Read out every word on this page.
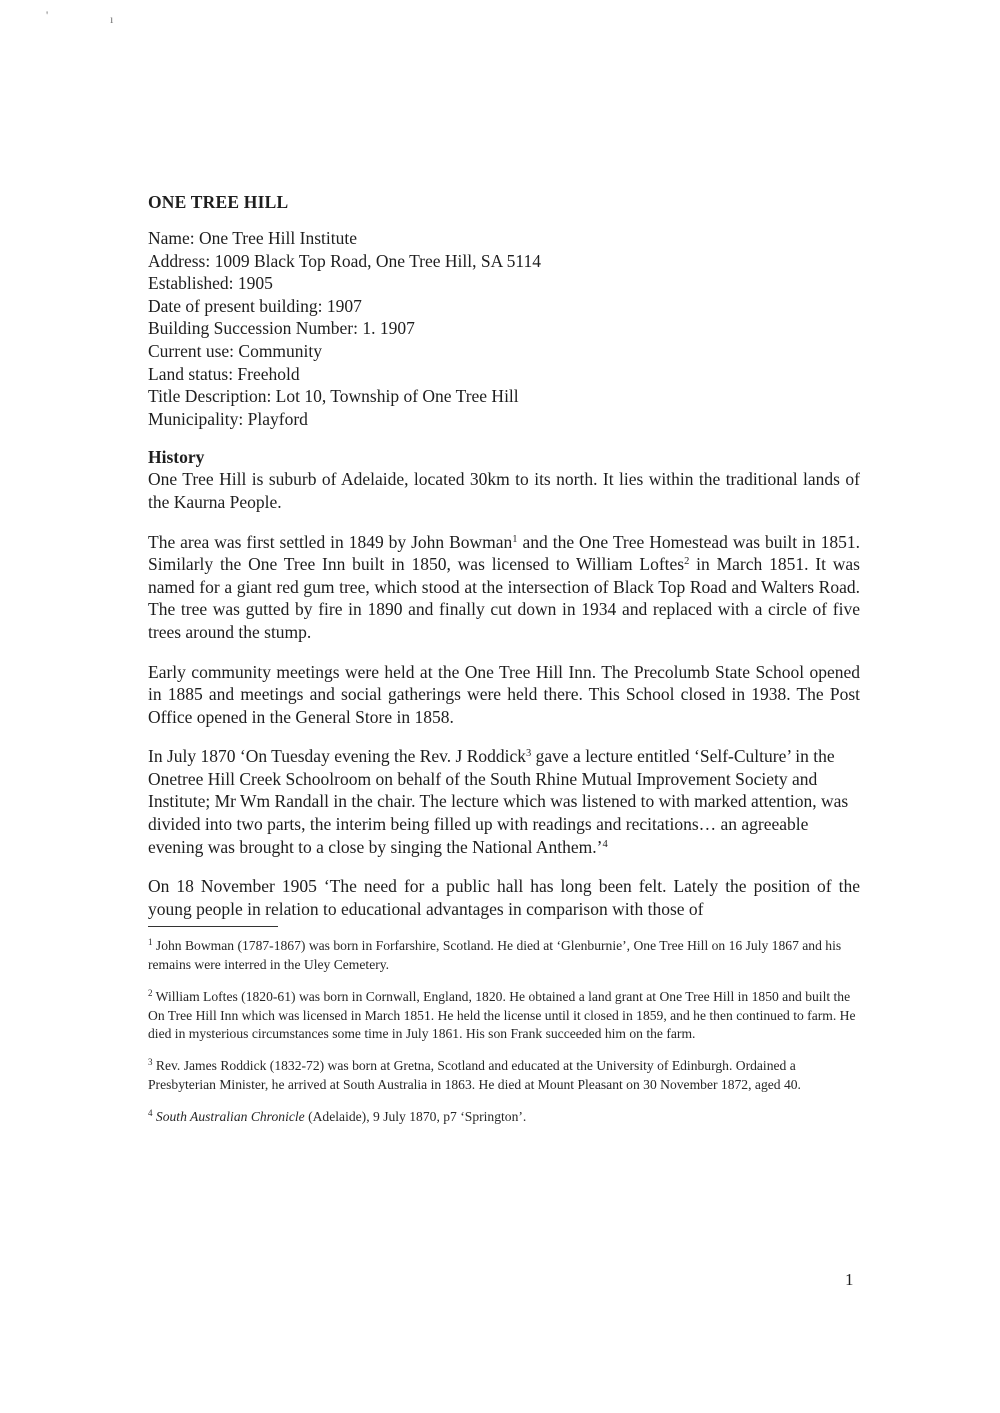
'	ı

ONE TREE HILL

Name: One Tree Hill Institute

Address: 1009 Black Top Road, One Tree Hill, SA 5114

Established: 1905

Date of present building: 1907

Building Succession Number: 1. 1907

Current use: Community

Land status: Freehold

Title Description: Lot 10, Township of One Tree Hill

Municipality: Playford

History

One Tree Hill is suburb of Adelaide, located 30km to its north. It lies within the traditional lands of the Kaurna People.

The area was first settled in 1849 by John Bowman$^1$ and the One Tree Homestead was built in 1851. Similarly the One Tree Inn built in 1850, was licensed to William Loftes$^2$ in March 1851. It was named for a giant red gum tree, which stood at the intersection of Black Top Road and Walters Road. The tree was gutted by fire in 1890 and finally cut down in 1934 and replaced with a circle of five trees around the stump.

Early community meetings were held at the One Tree Hill Inn. The Precolumb State School opened in 1885 and meetings and social gatherings were held there. This School closed in 1938. The Post Office opened in the General Store in 1858.

In July 1870 ‘On Tuesday evening the Rev. J Roddick$^3$ gave a lecture entitled ‘Self-Culture’ in the Onetree Hill Creek Schoolroom on behalf of the South Rhine Mutual Improvement Society and Institute; Mr Wm Randall in the chair. The lecture which was listened to with marked attention, was divided into two parts, the interim being filled up with readings and recitations… an agreeable evening was brought to a close by singing the National Anthem.’$^4$

On 18 November 1905 ‘The need for a public hall has long been felt. Lately the position of the young people in relation to educational advantages in comparison with those of

$^1$ John Bowman (1787-1867) was born in Forfarshire, Scotland. He died at ‘Glenburnie’, One Tree Hill on 16 July 1867 and his remains were interred in the Uley Cemetery.

$^2$ William Loftes (1820-61) was born in Cornwall, England, 1820. He obtained a land grant at One Tree Hill in 1850 and built the On Tree Hill Inn which was licensed in March 1851. He held the license until it closed in 1859, and he then continued to farm. He died in mysterious circumstances some time in July 1861. His son Frank succeeded him on the farm.

$^3$ Rev. James Roddick (1832-72) was born at Gretna, Scotland and educated at the University of Edinburgh. Ordained a Presbyterian Minister, he arrived at South Australia in 1863. He died at Mount Pleasant on 30 November 1872, aged 40.

$^4$ South Australian Chronicle (Adelaide), 9 July 1870, p7 ‘Springton’.

1
